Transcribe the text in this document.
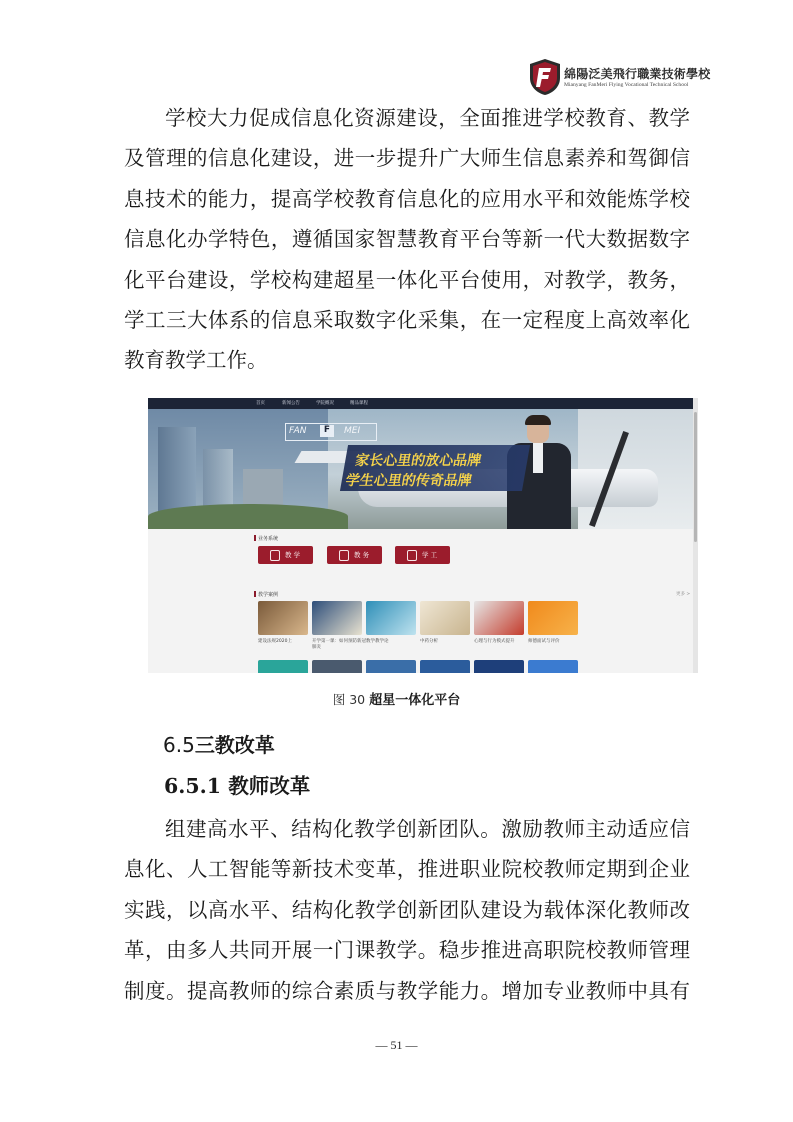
綿陽泛美飛行職業技術學校
Mianyang FanMeri Flying Vocational Technical School
学校大力促成信息化资源建设，全面推进学校教育、教学
及管理的信息化建设，进一步提升广大师生信息素养和驾御信
息技术的能力，提高学校教育信息化的应用水平和效能炼学校
信息化办学特色，遵循国家智慧教育平台等新一代大数据数字
化平台建设，学校构建超星一体化平台使用，对教学，教务，
学工三大体系的信息采取数字化采集，在一定程度上高效率化
教育教学工作。
首页	新闻公告	学院概况	精品课程
FAN	F	MEI
家长心里的放心品牌
学生心里的传奇品牌
业务系统
教 学	教 务	学 工
教学案例	更多 >
建设法规2020上	开学第一课：如何预防新冠肺炎
数学教学论	中药分析	心理与行为模式提升	师德面试与评价
图 30 超星一体化平台
6.5三教改革
6.5.1 教师改革
组建高水平、结构化教学创新团队。激励教师主动适应信
息化、人工智能等新技术变革，推进职业院校教师定期到企业
实践，以高水平、结构化教学创新团队建设为载体深化教师改
革，由多人共同开展一门课教学。稳步推进高职院校教师管理
制度。提高教师的综合素质与教学能力。增加专业教师中具有
— 51 —
